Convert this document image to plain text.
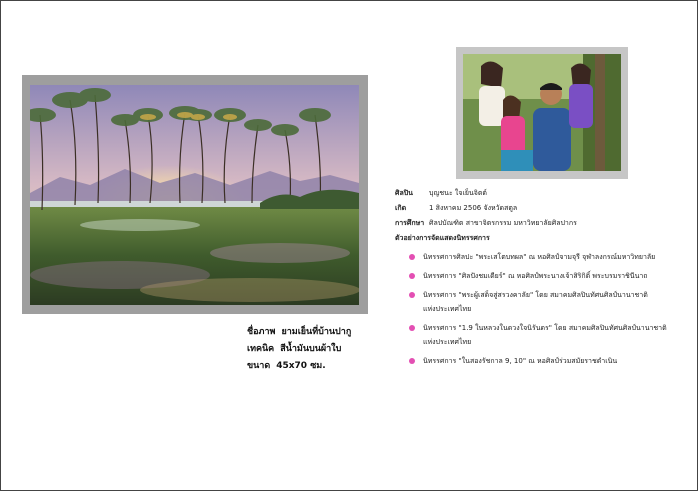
ชื่อภาพ ยามเย็นที่บ้านปากู
เทคนิค สีน้ำมันบนผ้าใบ
ขนาด 45x70 ซม.
ศิลปิน บุญชนะ ใจเย็นจิตต์
เกิด	1 สิงหาคม 2506 จังหวัดสตูล
การศึกษา ศิลปบัณฑิต สาขาจิตรกรรม มหาวิทยาลัยศิลปากร
ตัวอย่างการจัดแสดงนิทรรศการ
นิทรรศการศิลปะ "พระเสโตบทผล" ณ หอศิลป์จามจุรี จุฬาลงกรณ์มหาวิทยาลัย
นิทรรศการ "ศิลปังชมเดียร์" ณ หอศิลป์พระนางเจ้าสิริกิติ์ พระบรมราชินีนาถ
นิทรรศการ "พระผู้เสด็จสู่สรวงคาลัย" โดย สมาคมศิลปินทัศนศิลป์นานาชาติ
แห่งประเทศไทย
นิทรรศการ "1.9 ในหลวงในดวงใจนิรันดร" โดย สมาคมศิลปินทัศนศิลป์นานาชาติ
แห่งประเทศไทย
นิทรรศการ "ในสองรัชกาล 9, 10" ณ หอศิลป์ร่วมสมัยราชดำเนิน
